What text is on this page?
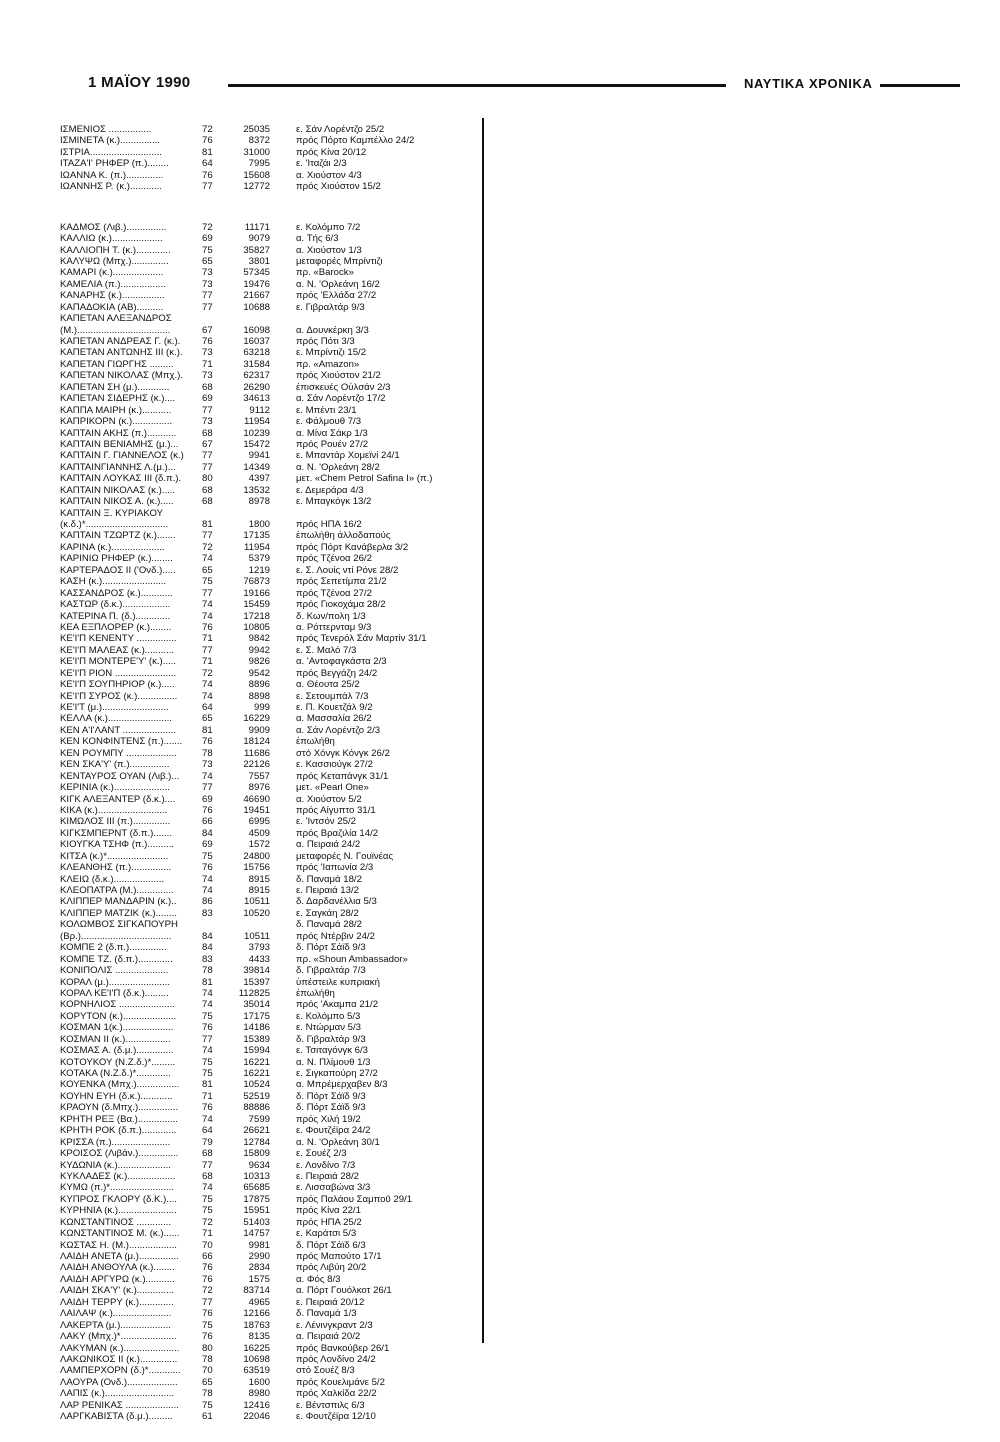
1 ΜΑΪΟΥ 1990	ΝΑΥΤΙΚΑ ΧΡΟΝΙΚΑ
ΙΣΜΕΝΙΟΣ ................	72	25035	ε. Σάν Λορέντζο 25/2
ΙΣΜΙΝΕΤΑ (κ.)...............	76	8372	πρός Πόρτο Καμπέλλο 24/2
ΙΣΤΡΙΑ...........................	81	31000	πρός Κίνα 20/12
ΙΤΑΖΑ'Ι' ΡΗΦΕΡ (π.)........	64	7995	ε. 'Ιταζάι 2/3
ΙΩΑΝΝΑ Κ. (π.)..............	76	15608	α. Χιούστον 4/3
ΙΩΑΝΝΗΣ Ρ. (κ.)............	77	12772	πρός Χιούστον 15/2
ΚΑΔΜΟΣ (Λιβ.)...............	72	11171	ε. Κολόμπο 7/2
ΚΑΛΛΙΩ (κ.)...................	69	9079	α. Τής 6/3
ΚΑΛΛΙΟΠΗ Τ. (κ.).............	75	35827	α. Χιούστον 1/3
ΚΑΛΥΨΩ (Μπχ.)..............	65	3801	μεταφορές Μπρίντιζι
ΚΑΜΑΡΙ (κ.)...................	73	57345	πρ. «Barock»
ΚΑΜΕΛΙΑ (π.).................	73	19476	α. Ν. 'Ορλεάνη 16/2
ΚΑΝΑΡΗΣ (κ.)................	77	21667	πρός 'Ελλάδα 27/2
ΚΑΠΑΔΟΚΙΑ (ΑΒ)..........	77	10688	ε. Γιβραλτάρ 9/3
ΚΑΠΕΤΑΝ ΑΛΕΞΑΝΔΡΟΣ
(Μ.)...................................	67	16098	α. Δουνκέρκη 3/3
ΚΑΠΕΤΑΝ ΑΝΔΡΕΑΣ Γ. (κ.).	76	16037	πρός Πότι 3/3
ΚΑΠΕΤΑΝ ΑΝΤΩΝΗΣ ΙΙΙ (κ.).	73	63218	ε. Μπρίντιζι 15/2
ΚΑΠΕΤΑΝ ΓΙΩΡΓΗΣ .........	71	31584	πρ. «Amazon»
ΚΑΠΕΤΑΝ ΝΙΚΟΛΑΣ (Μπχ.).	73	62317	πρός Χιούστον 21/2
ΚΑΠΕΤΑΝ ΣΗ (μ.)............	68	26290	ἐπισκευές Οὐλσάν 2/3
ΚΑΠΕΤΑΝ ΣΙΔΕΡΗΣ (κ.)....	69	34613	α. Σάν Λορέντζο 17/2
ΚΑΠΠΑ ΜΑΙΡΗ (κ.)...........	77	9112	ε. Μπέντι 23/1
ΚΑΠΡΙΚΟΡΝ (κ.)...............	73	11954	ε. Φάλμουθ 7/3
ΚΑΠΤΑΙΝ ΑΚΗΣ (π.)...........	68	10239	α. Μίνα Σάκρ 1/3
ΚΑΠΤΑΙΝ ΒΕΝΙΑΜΗΣ (μ.)...	67	15472	πρός Ρουέν 27/2
ΚΑΠΤΑΙΝ Γ. ΓΙΑΝΝΕΛΟΣ (κ.)	77	9941	ε. Μπαντάρ Χομεϊνί 24/1
ΚΑΠΤΑΙΝΓΙΑΝΝΗΣ Λ.(μ.)...	77	14349	α. Ν. 'Ορλεάνη 28/2
ΚΑΠΤΑΙΝ ΛΟΥΚΑΣ ΙΙΙ (δ.π.).	80	4397	μετ. «Chem Petrol Safina I» (π.)
ΚΑΠΤΑΙΝ ΝΙΚΟΛΑΣ (κ.).....	68	13532	ε. Δεμεράρα 4/3
ΚΑΠΤΑΙΝ ΝΙΚΟΣ Α. (κ.).....	68	8978	ε. Μπαγκόγκ 13/2
ΚΑΠΤΑΙΝ Ξ. ΚΥΡΙΑΚΟΥ
(κ.δ.)*...............................	81	1800	πρός ΗΠΑ 16/2
ΚΑΠΤΑΙΝ ΤΖΩΡΤΖ (κ.).......	77	17135	ἐπωλήθη ἀλλοδαπούς
ΚΑΡΙΝΑ (κ.)....................	72	11954	πρός Πόρτ Κανάβερλα 3/2
ΚΑΡΙΝΙΩ ΡΗΦΕΡ (κ.)........	74	5379	πρός Τζένοα 26/2
ΚΑΡΤΕΡΑΔΟΣ ΙΙ ('Ονδ.).....	65	1219	ε. Σ. Λουίς ντί Ρόνε 28/2
ΚΑΣΗ (κ.)........................	75	76873	πρός Σεπετίμπα 21/2
ΚΑΣΣΑΝΔΡΟΣ (κ.)............	77	19166	πρός Τζένοα 27/2
ΚΑΣΤΩΡ (δ.κ.)..................	74	15459	πρός Γιοκοχάμα 28/2
ΚΑΤΕΡΙΝΑ Π. (δ.).............	74	17218	δ. Κων/πολη 1/3
ΚΕΑ ΕΞΠΛΟΡΕΡ (κ.)........	76	10805	α. Ρόττερνταμ 9/3
ΚΕ'Ι'Π ΚΕΝΕΝΤΥ ...............	71	9842	πρός Τενερόλ Σάν Μαρτίν 31/1
ΚΕ'Ι'Π ΜΑΛΕΑΣ (κ.)...........	77	9942	ε. Σ. Μαλό 7/3
ΚΕ'Ι'Π ΜΟΝΤΕΡΕ'Υ' (κ.).....	71	9826	α. 'Αντοφαγκάστα 2/3
ΚΕ'Ι'Π ΡΙΟΝ .......................	72	9542	πρός Βεγγάζη 24/2
ΚΕ'Ι'Π ΣΟΥΠΗΡΙΟΡ (κ.).....	74	8896	α. Θέουτα 25/2
ΚΕ'Ι'Π ΣΥΡΟΣ (κ.)...............	74	8898	ε. Σετουμπάλ 7/3
ΚΕ'Ι'Τ (μ.).........................	64	999	ε. Π. Κουετζάλ 9/2
ΚΕΛΛΑ (κ.)........................	65	16229	α. Μασσαλία 26/2
ΚΕΝ Α'Ι'ΛΑΝΤ ....................	81	9909	α. Σάν Λορέντζο 2/3
ΚΕΝ ΚΟΝΦΙΝΤΕΝΣ (π.).......	76	18124	ἐπωλήθη
ΚΕΝ ΡΟΥΜΠΥ ...................	78	11686	στό Χόνγκ Κόνγκ 26/2
ΚΕΝ ΣΚΑ'Υ' (π.)...............	73	22126	ε. Κασσιούγκ 27/2
ΚΕΝΤΑΥΡΟΣ ΟΥΑΝ (Λιβ.)...	74	7557	πρός Κεταπάνγκ 31/1
ΚΕΡΙΝΙΑ (κ.).....................	77	8976	μετ. «Pearl One»
ΚΙΓΚ ΑΛΕΞΑΝΤΕΡ (δ.κ.)....	69	46690	α. Χιούστον 5/2
ΚΙΚΑ (κ.)..........................	76	19451	πρός Αίγυπτο 31/1
ΚΙΜΩΛΟΣ ΙΙΙ (π.)..............	66	6995	ε. 'Ιντσόν 25/2
ΚΙΓΚΣΜΠΕΡΝΤ (δ.π.).......	84	4509	πρός Βραζιλία 14/2
ΚΙΟΥΓΚΑ ΤΣΗΦ (π.)..........	69	1572	α. Πειραιά 24/2
ΚΙΤΣΑ (κ.)*.......................	75	24800	μεταφορές Ν. Γουϊνέας
ΚΛΕΑΝΘΗΣ (π.)...............	76	15756	πρός 'Ιαπωνία 2/3
ΚΛΕΙΩ (δ.κ.)...................	74	8915	δ. Παναμά 18/2
ΚΛΕΟΠΑΤΡΑ (Μ.)..............	74	8915	ε. Πειραιά 13/2
ΚΛΙΠΠΕΡ ΜΑΝΔΑΡΙΝ (κ.)..	86	10511	δ. Δαρδανέλλια 5/3
ΚΛΙΠΠΕΡ ΜΑΤΖΙΚ (κ.)........	83	10520	ε. Σαγκάη 28/2
ΚΟΛΩΜΒΟΣ ΣΙΓΚΑΠΟΥΡΗ	δ. Παναμά 28/2
(Βρ.)..................................	84	10511	πρός Ντέρβιν 24/2
ΚΟΜΠΕ 2 (δ.π.)..............	84	3793	δ. Πόρτ Σάϊδ 9/3
ΚΟΜΠΕ ΤΖ. (δ.π.).............	83	4433	πρ. «Shoun Ambassador»
ΚΟΝΙΠΟΛΙΣ ....................	78	39814	δ. Γιβραλτάρ 7/3
ΚΟΡΑΛ (μ.).......................	81	15397	ὑπέστειλε κυπριακή
ΚΟΡΑΛ ΚΕ'Ι'Π (δ.κ.).........	74	112825	ἐπωλήθη
ΚΟΡΝΗΛΙΟΣ .....................	74	35014	πρός 'Ακαμπα 21/2
ΚΟΡΥΤΟΝ (κ.)....................	75	17175	ε. Κολόμπο 5/3
ΚΟΣΜΑΝ 1(κ.)...................	76	14186	ε. Ντώρμαν 5/3
ΚΟΣΜΑΝ ΙΙ (κ.).................	77	15389	δ. Γιβραλτάρ 9/3
ΚΟΣΜΑΣ Α. (δ.μ.)..............	74	15994	ε. Τσιταγόνγκ 6/3
ΚΟΤΟΥΚΟΥ (Ν.Ζ.δ.)*.........	75	16221	α. Ν. Πλίμουθ 1/3
ΚΟΤΑΚΑ (Ν.Ζ.δ.)*.............	75	16221	ε. Σιγκαπούρη 27/2
ΚΟΥΕΝΚΑ (Μπχ.)................	81	10524	α. Μπρέμερχαβεν 8/3
ΚΟΥΗΝ ΕΥΗ (δ.κ.)............	71	52519	δ. Πόρτ Σάϊδ 9/3
ΚΡΑΟΥΝ (δ.Μπχ.)...............	76	88886	δ. Πόρτ Σάϊδ 9/3
ΚΡΗΤΗ ΡΕΞ (Βα.)...............	74	7599	πρός Χιλή 19/2
ΚΡΗΤΗ ΡΟΚ (δ.π.).............	64	26621	ε. Φουτζέϊρα 24/2
ΚΡΙΣΣΑ (π.)......................	79	12784	α. Ν. 'Ορλεάνη 30/1
ΚΡΟΙΣΟΣ (Λιβάν.)...............	68	15809	ε. Σουέζ 2/3
ΚΥΔΩΝΙΑ (κ.)....................	77	9634	ε. Λονδίνο 7/3
ΚΥΚΛΑΔΕΣ (κ.)..................	68	10313	ε. Πειραιά 28/2
ΚΥΜΩ (π.)*........................	74	65685	ε. Λισσαβώνα 3/3
ΚΥΠΡΟΣ ΓΚΛΟΡΥ (δ.Κ.)....	75	17875	πρός Παλάου Σαμποῦ 29/1
ΚΥΡΗΝΙΑ (κ.)......................	75	15951	πρός Κίνα 22/1
ΚΩΝΣΤΑΝΤΙΝΟΣ .............	72	51403	πρός ΗΠΑ 25/2
ΚΩΝΣΤΑΝΤΙΝΟΣ Μ. (κ.)......	71	14757	ε. Καράτσι 5/3
ΚΩΣΤΑΣ Η. (Μ.)..................	70	9981	δ. Πόρτ Σάϊδ 6/3
ΛΑΙΔΗ ΑΝΕΤΑ (μ.)...............	66	2990	πρός Μαπούτο 17/1
ΛΑΙΔΗ ΑΝΘΟΥΛΑ (κ.)........	76	2834	πρός Λιβύη 20/2
ΛΑΙΔΗ ΑΡΓΥΡΩ (κ.)...........	76	1575	α. Φός 8/3
ΛΑΙΔΗ ΣΚΑ'Υ' (κ.)..............	72	83714	α. Πόρτ Γουόλκοτ 26/1
ΛΑΙΔΗ ΤΕΡΡΥ (κ.).............	77	4965	ε. Πειραιά 20/12
ΛΑΙΛΑΨ (κ.)......................	76	12166	δ. Παναμά 1/3
ΛΑΚΕΡΤΑ (μ.)...................	75	18763	ε. Λένινγκραντ 2/3
ΛΑΚΥ (Μπχ.)*.....................	76	8135	α. Πειραιά 20/2
ΛΑΚΥΜΑΝ (κ.).....................	80	16225	πρός Βανκούβερ 26/1
ΛΑΚΩΝΙΚΟΣ ΙΙ (κ.)..............	78	10698	πρός Λονδίνο 24/2
ΛΑΜΠΕΡΧΟΡΝ (δ.)*............	70	63519	στό Σουέζ 8/3
ΛΑΟΥΡΑ (Ονδ.)...................	65	1600	πρός Κουελιμάνε 5/2
ΛΑΠΙΣ (κ.)..........................	78	8980	πρός Χαλκίδα 22/2
ΛΑΡ ΡΕΝΙΚΑΣ ....................	75	12416	ε. Βέντσπιλς 6/3
ΛΑΡΓΚΑΒΙΣΤΑ (δ.μ.).........	61	22046	ε. Φουτζέϊρα 12/10
